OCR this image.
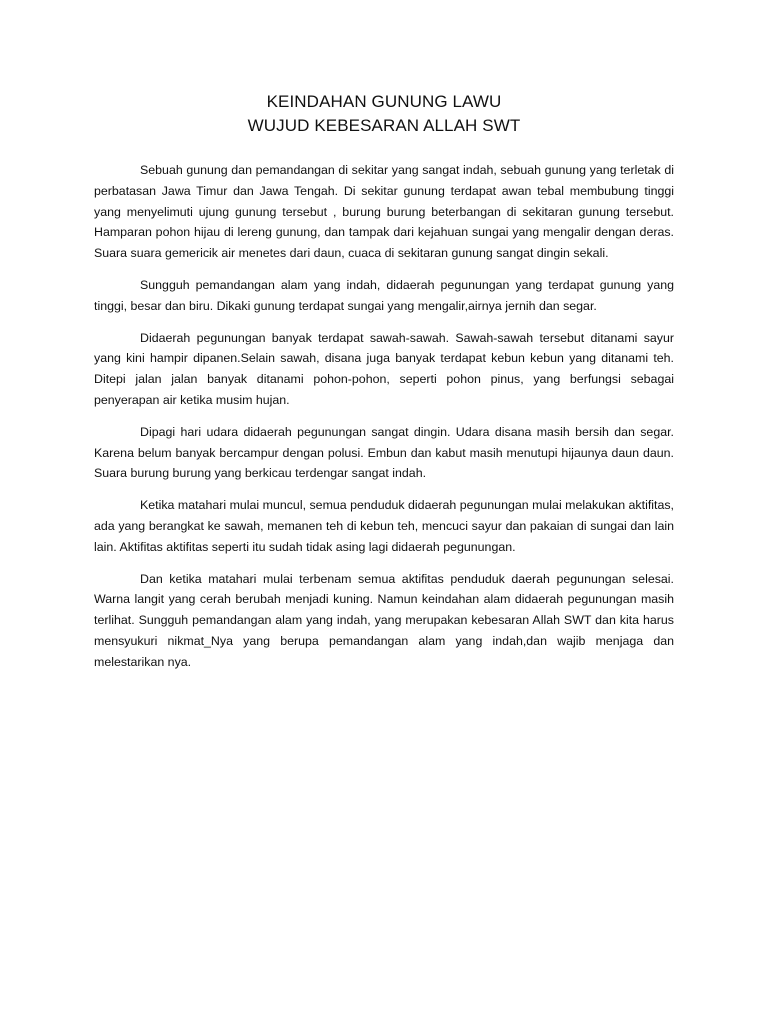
KEINDAHAN GUNUNG LAWU
WUJUD KEBESARAN ALLAH SWT

Sebuah gunung dan pemandangan di sekitar yang sangat indah, sebuah gunung yang terletak di perbatasan Jawa Timur dan Jawa Tengah. Di sekitar gunung terdapat awan tebal membubung tinggi yang menyelimuti ujung gunung tersebut , burung burung beterbangan di sekitaran gunung tersebut. Hamparan pohon hijau di lereng gunung, dan tampak dari kejahuan sungai yang mengalir dengan deras. Suara suara gemericik air menetes dari daun, cuaca di sekitaran gunung sangat dingin sekali.

Sungguh pemandangan alam yang indah, didaerah pegunungan yang terdapat gunung yang tinggi, besar dan biru. Dikaki gunung terdapat sungai yang mengalir,airnya jernih dan segar.

Didaerah pegunungan banyak terdapat sawah-sawah. Sawah-sawah tersebut ditanami sayur yang kini hampir dipanen.Selain sawah, disana juga banyak terdapat kebun kebun yang ditanami teh. Ditepi jalan jalan banyak ditanami pohon-pohon, seperti pohon pinus, yang berfungsi sebagai penyerapan air ketika musim hujan.

Dipagi hari udara didaerah pegunungan sangat dingin. Udara disana masih bersih dan segar. Karena belum banyak bercampur dengan polusi. Embun dan kabut masih menutupi hijaunya daun daun. Suara burung burung yang berkicau terdengar sangat indah.

Ketika matahari mulai muncul, semua penduduk didaerah pegunungan mulai melakukan aktifitas, ada yang berangkat ke sawah, memanen teh di kebun teh, mencuci sayur dan pakaian di sungai dan lain lain. Aktifitas aktifitas seperti itu sudah tidak asing lagi didaerah pegunungan.

Dan ketika matahari mulai terbenam semua aktifitas penduduk daerah pegunungan selesai. Warna langit yang cerah berubah menjadi kuning. Namun keindahan alam didaerah pegunungan masih terlihat. Sungguh pemandangan alam yang indah, yang merupakan kebesaran Allah SWT dan kita harus mensyukuri nikmat_Nya yang berupa pemandangan alam yang indah,dan wajib menjaga dan melestarikan nya.
